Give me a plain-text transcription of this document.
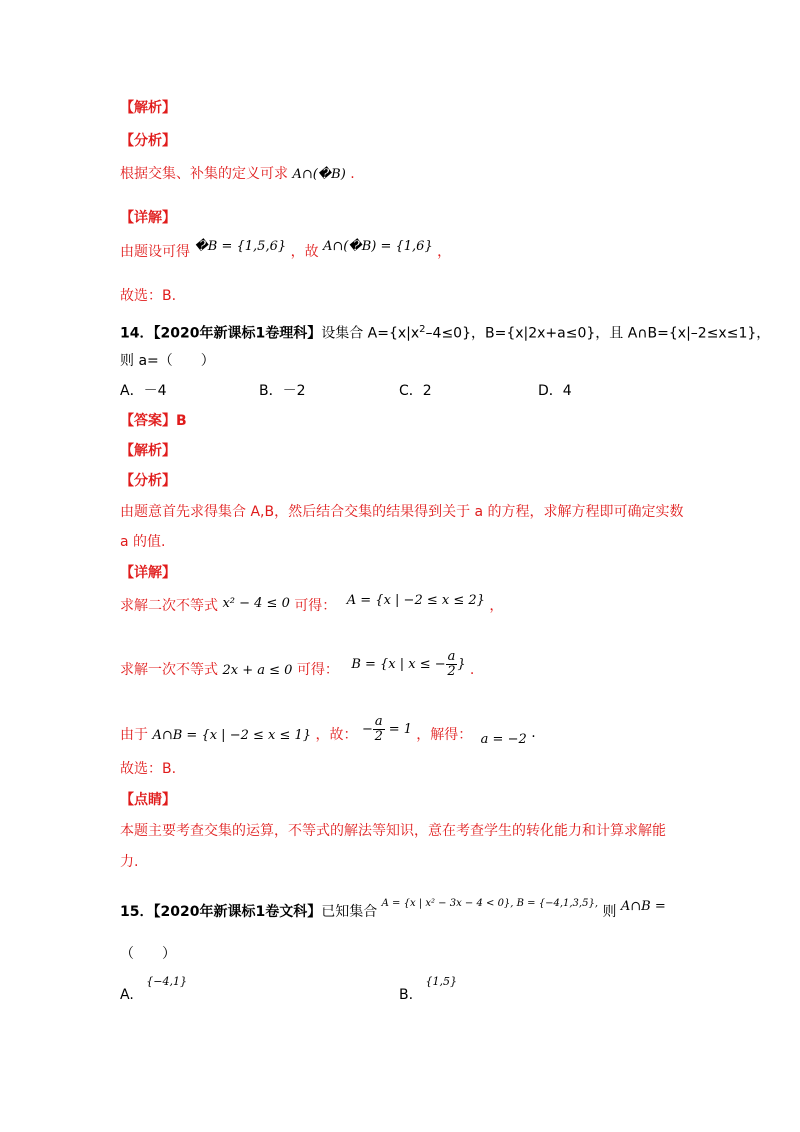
【解析】
【分析】
根据交集、补集的定义可求 A∩(�B) .
【详解】
由题设可得 �B = {1,5,6} ，故 A∩(�B) = {1,6} ，
故选：B.
14．【2020年新课标1卷理科】设集合 $A=\{x|x^2-4\le 0\}$，B={x|2x+a≤0}，且 A∩B={x|–2≤x≤1}，
则 a=（　　）
A．－4	B．－2	C．2	D．4
【答案】B
【解析】
【分析】
由题意首先求得集合 A,B，然后结合交集的结果得到关于 a 的方程，求解方程即可确定实数
a 的值.
【详解】
求解二次不等式 x² − 4 ≤ 0 可得： A = {x | −2 ≤ x ≤ 2} ，
求解一次不等式 2x + a ≤ 0 可得： B = {x | x ≤ − $\frac{a}{2}$ } .
由于 A∩B = {x | −2 ≤ x ≤ 1} ，故： − $\frac{a}{2} = 1$ ，解得： a = −2 .
故选：B.
【点睛】
本题主要考查交集的运算，不等式的解法等知识，意在考查学生的转化能力和计算求解能
力.
15．【2020年新课标1卷文科】已知集合 $^{A = \{x | x^2 - 3x - 4 < 0\}, B = \{-4,1,3,5\},}$ 则 A∩B =
（　　）
A. $^{\{-4,1\}}$
B. $^{\{1,5\}}$
